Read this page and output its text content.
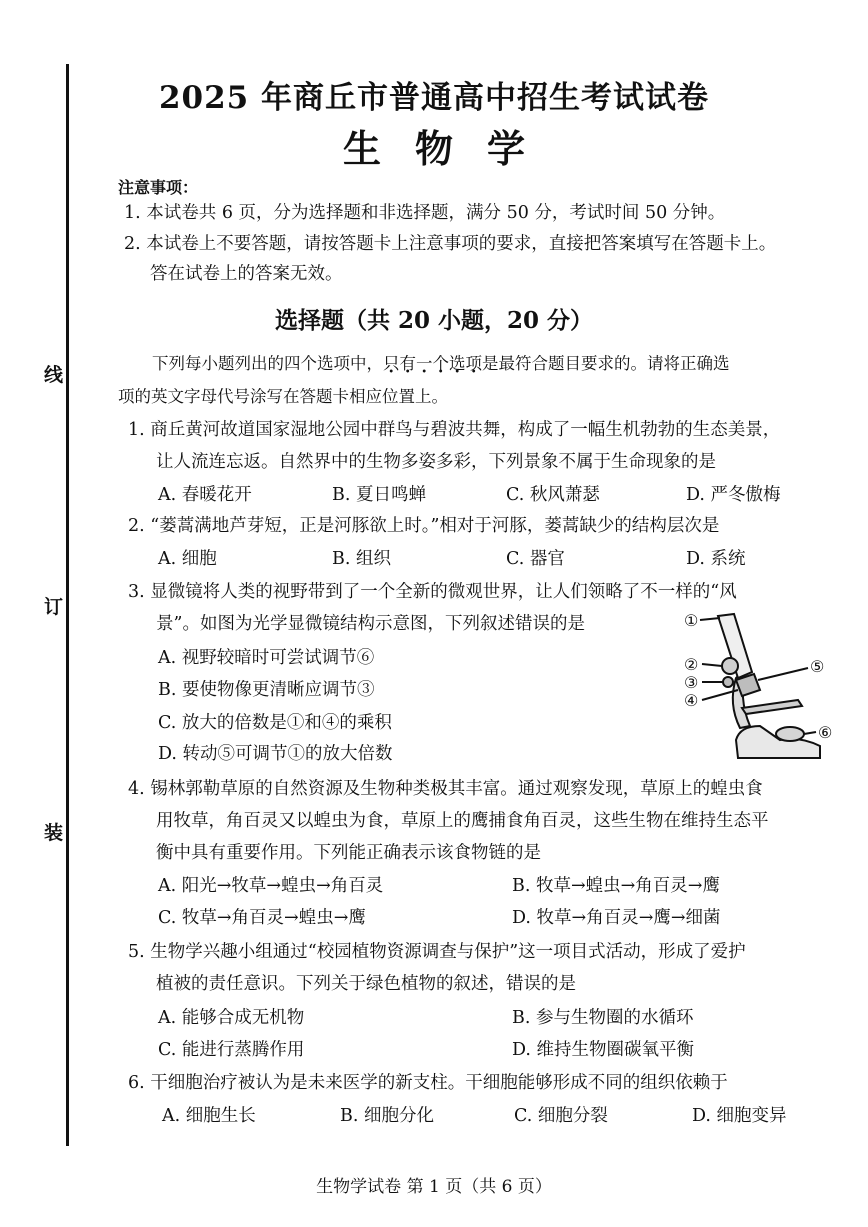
线
订
装
2025 年商丘市普通高中招生考试试卷
生物学
注意事项：
1. 本试卷共 6 页，分为选择题和非选择题，满分 50 分，考试时间 50 分钟。
2. 本试卷上不要答题，请按答题卡上注意事项的要求，直接把答案填写在答题卡上。
答在试卷上的答案无效。
选择题（共 20 小题，20 分）
下列每小题列出的四个选项中，只有一个选项是最符合题目要求的。请将正确选
项的英文字母代号涂写在答题卡相应位置上。
1. 商丘黄河故道国家湿地公园中群鸟与碧波共舞，构成了一幅生机勃勃的生态美景，
让人流连忘返。自然界中的生物多姿多彩，下列景象不属于生命现象的是
A. 春暖花开	B. 夏日鸣蝉	C. 秋风萧瑟	D. 严冬傲梅
2. “蒌蒿满地芦芽短，正是河豚欲上时。”相对于河豚，蒌蒿缺少的结构层次是
A. 细胞	B. 组织	C. 器官	D. 系统
3. 显微镜将人类的视野带到了一个全新的微观世界，让人们领略了不一样的“风
景”。如图为光学显微镜结构示意图，下列叙述错误的是
A. 视野较暗时可尝试调节⑥
B. 要使物像更清晰应调节③
C. 放大的倍数是①和④的乘积
D. 转动⑤可调节①的放大倍数
①
②
③
④
⑤
⑥
4. 锡林郭勒草原的自然资源及生物种类极其丰富。通过观察发现，草原上的蝗虫食
用牧草，角百灵又以蝗虫为食，草原上的鹰捕食角百灵，这些生物在维持生态平
衡中具有重要作用。下列能正确表示该食物链的是
A. 阳光→牧草→蝗虫→角百灵	B. 牧草→蝗虫→角百灵→鹰
C. 牧草→角百灵→蝗虫→鹰	D. 牧草→角百灵→鹰→细菌
5. 生物学兴趣小组通过“校园植物资源调查与保护”这一项目式活动，形成了爱护
植被的责任意识。下列关于绿色植物的叙述，错误的是
A. 能够合成无机物	B. 参与生物圈的水循环
C. 能进行蒸腾作用	D. 维持生物圈碳氧平衡
6. 干细胞治疗被认为是未来医学的新支柱。干细胞能够形成不同的组织依赖于
A. 细胞生长	B. 细胞分化	C. 细胞分裂	D. 细胞变异
生物学试卷 第 1 页（共 6 页）
